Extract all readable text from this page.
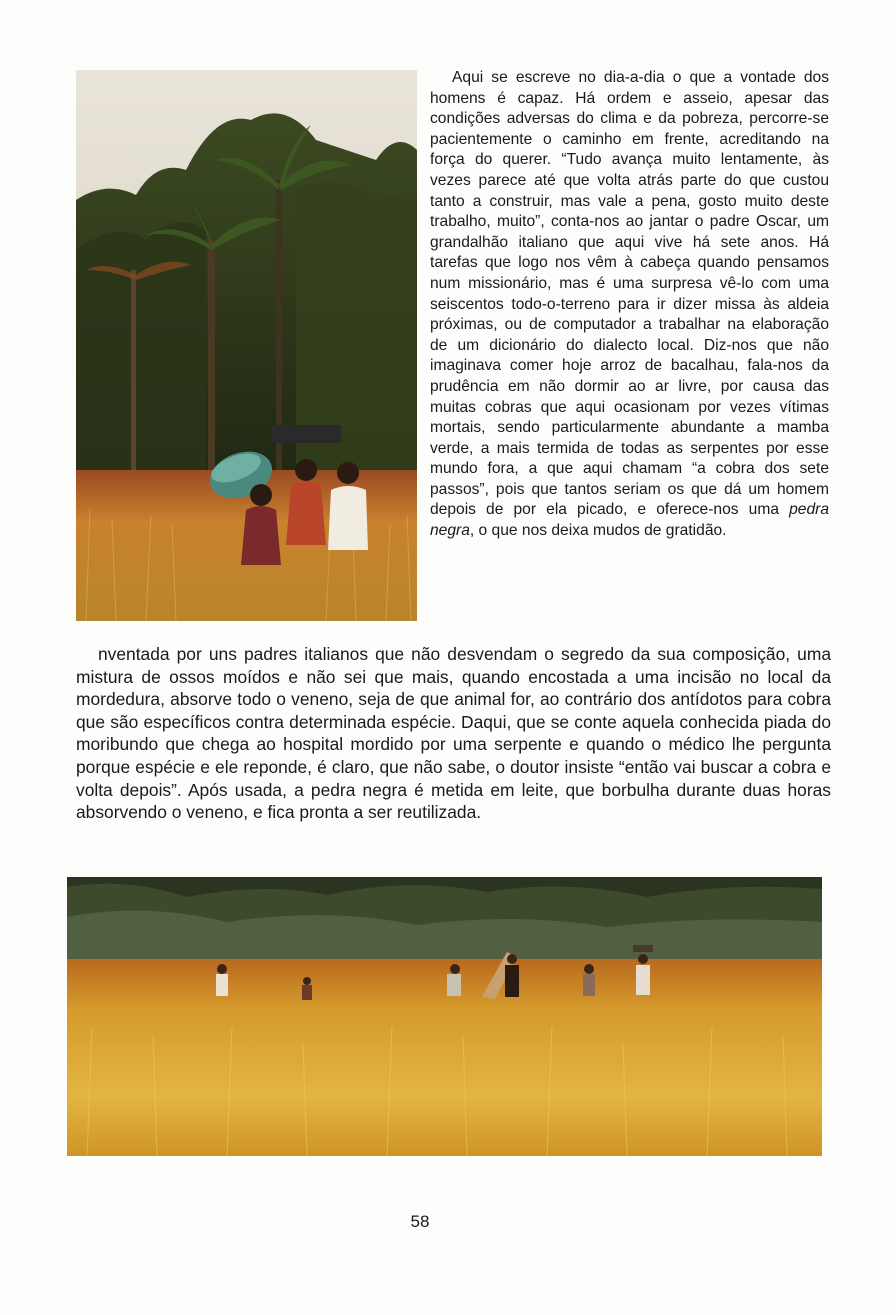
Aqui se escreve no dia-a-dia o que a vontade dos homens é capaz. Há ordem e asseio, apesar das condições adversas do clima e da pobreza, percorre-se pacientemente o caminho em frente, acreditando na força do querer. “Tudo avança muito lentamente, às vezes parece até que volta atrás parte do que custou tanto a construir, mas vale a pena, gosto muito deste trabalho, muito”, conta-nos ao jantar o padre Oscar, um grandalhão italiano que aqui vive há sete anos. Há tarefas que logo nos vêm à cabeça quando pensamos num missionário, mas é uma surpresa vê-lo com uma seiscentos todo-o-terreno para ir dizer missa às aldeia próximas, ou de computador a trabalhar na elaboração de um dicionário do dialecto local. Diz-nos que não imaginava comer hoje arroz de bacalhau, fala-nos da prudência em não dormir ao ar livre, por causa das muitas cobras que aqui ocasionam por vezes vítimas mortais, sendo particularmente abundante a mamba verde, a mais termida de todas as serpentes por esse mundo fora, a que aqui chamam “a cobra dos sete passos”, pois que tantos seriam os que dá um homem depois de por ela picado, e oferece-nos uma pedra negra, o que nos deixa mudos de gratidão.

nventada por uns padres italianos que não desvendam o segredo da sua composição, uma mistura de ossos moídos e não sei que mais, quando encostada a uma incisão no local da mordedura, absorve todo o veneno, seja de que animal for, ao contrário dos antídotos para cobra que são específicos contra determinada espécie. Daqui, que se conte aquela conhecida piada do moribundo que chega ao hospital mordido por uma serpente e quando o médico lhe pergunta porque espécie e ele reponde, é claro, que não sabe, o doutor insiste “então vai buscar a cobra e volta depois”. Após usada, a pedra negra é metida em leite, que borbulha durante duas horas absorvendo o veneno, e fica pronta a ser reutilizada.

58
